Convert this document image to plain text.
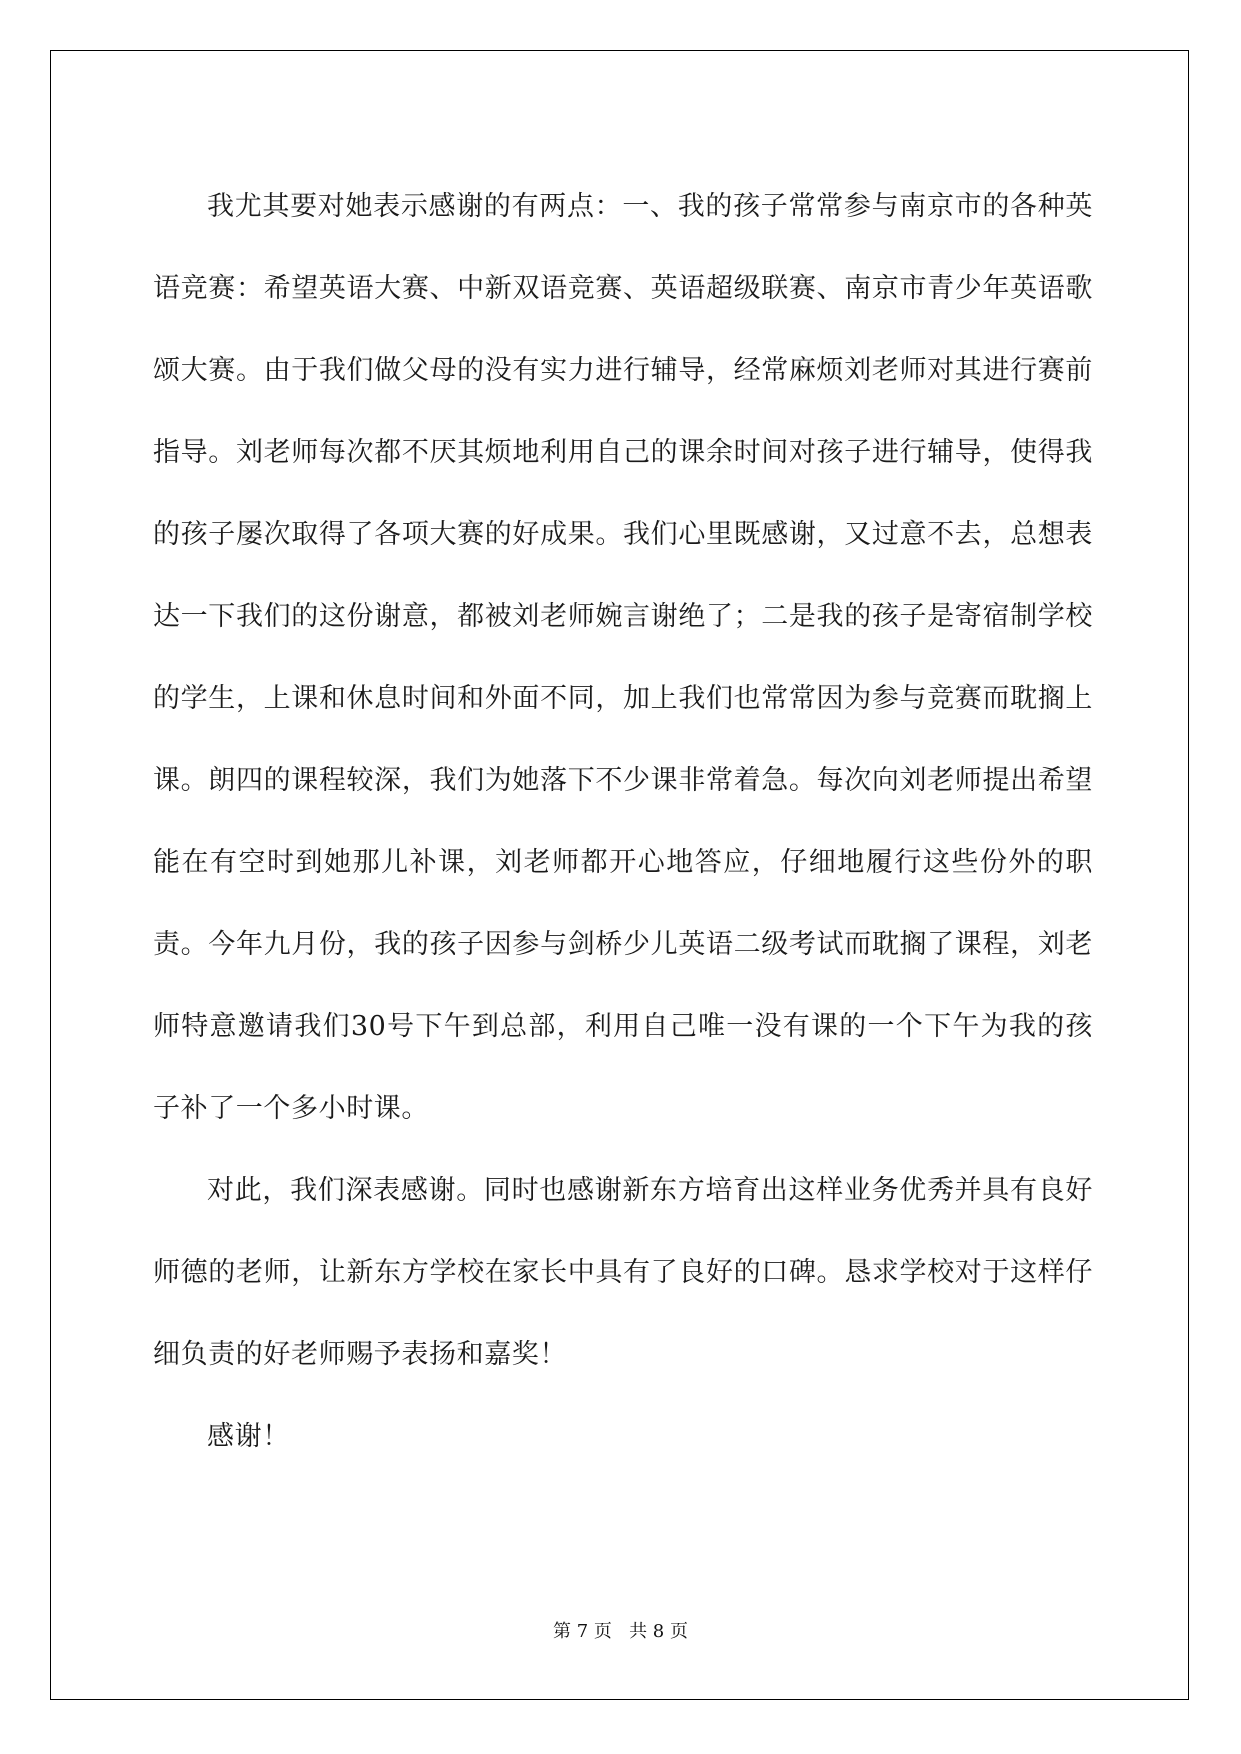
我尤其要对她表示感谢的有两点：一、我的孩子常常参与南京市的各种英语竞赛：希望英语大赛、中新双语竞赛、英语超级联赛、南京市青少年英语歌颂大赛。由于我们做父母的没有实力进行辅导，经常麻烦刘老师对其进行赛前指导。刘老师每次都不厌其烦地利用自己的课余时间对孩子进行辅导，使得我的孩子屡次取得了各项大赛的好成果。我们心里既感谢，又过意不去，总想表达一下我们的这份谢意，都被刘老师婉言谢绝了；二是我的孩子是寄宿制学校的学生，上课和休息时间和外面不同，加上我们也常常因为参与竞赛而耽搁上课。朗四的课程较深，我们为她落下不少课非常着急。每次向刘老师提出希望能在有空时到她那儿补课，刘老师都开心地答应，仔细地履行这些份外的职责。今年九月份，我的孩子因参与剑桥少儿英语二级考试而耽搁了课程，刘老师特意邀请我们30号下午到总部，利用自己唯一没有课的一个下午为我的孩子补了一个多小时课。

对此，我们深表感谢。同时也感谢新东方培育出这样业务优秀并具有良好师德的老师，让新东方学校在家长中具有了良好的口碑。恳求学校对于这样仔细负责的好老师赐予表扬和嘉奖！

感谢！

第 7 页 共 8 页
